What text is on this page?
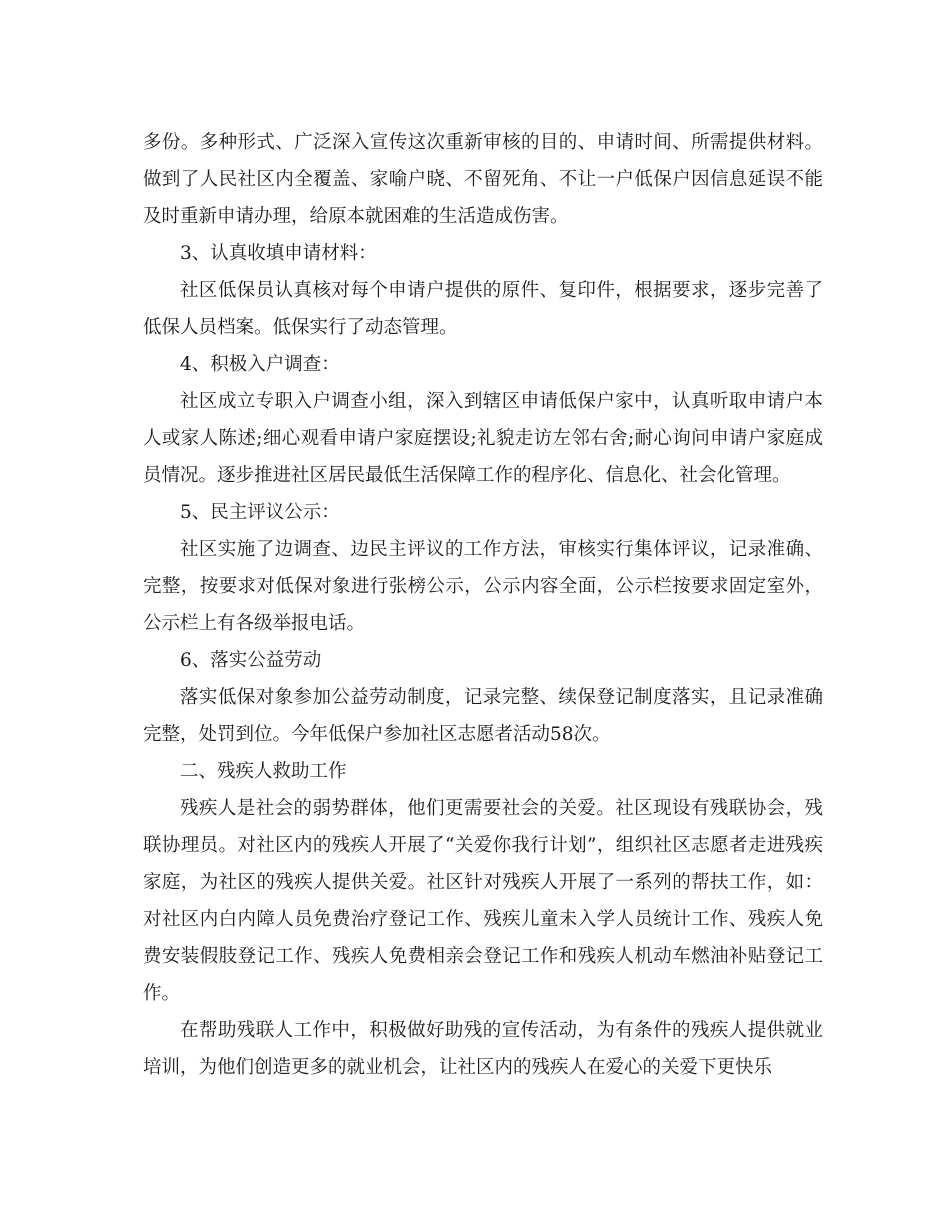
多份。多种形式、广泛深入宣传这次重新审核的目的、申请时间、所需提供材料。做到了人民社区内全覆盖、家喻户晓、不留死角、不让一户低保户因信息延误不能及时重新申请办理，给原本就困难的生活造成伤害。

3、认真收填申请材料：

社区低保员认真核对每个申请户提供的原件、复印件，根据要求，逐步完善了低保人员档案。低保实行了动态管理。

4、积极入户调查：

社区成立专职入户调查小组，深入到辖区申请低保户家中，认真听取申请户本人或家人陈述;细心观看申请户家庭摆设;礼貌走访左邻右舍;耐心询问申请户家庭成员情况。逐步推进社区居民最低生活保障工作的程序化、信息化、社会化管理。

5、民主评议公示：

社区实施了边调查、边民主评议的工作方法，审核实行集体评议，记录准确、完整，按要求对低保对象进行张榜公示，公示内容全面，公示栏按要求固定室外，公示栏上有各级举报电话。

6、落实公益劳动

落实低保对象参加公益劳动制度，记录完整、续保登记制度落实，且记录准确完整，处罚到位。今年低保户参加社区志愿者活动58次。

二、残疾人救助工作

残疾人是社会的弱势群体，他们更需要社会的关爱。社区现设有残联协会，残联协理员。对社区内的残疾人开展了“关爱你我行计划”，组织社区志愿者走进残疾家庭，为社区的残疾人提供关爱。社区针对残疾人开展了一系列的帮扶工作，如：对社区内白内障人员免费治疗登记工作、残疾儿童未入学人员统计工作、残疾人免费安装假肢登记工作、残疾人免费相亲会登记工作和残疾人机动车燃油补贴登记工作。

在帮助残联人工作中，积极做好助残的宣传活动，为有条件的残疾人提供就业培训，为他们创造更多的就业机会，让社区内的残疾人在爱心的关爱下更快乐
